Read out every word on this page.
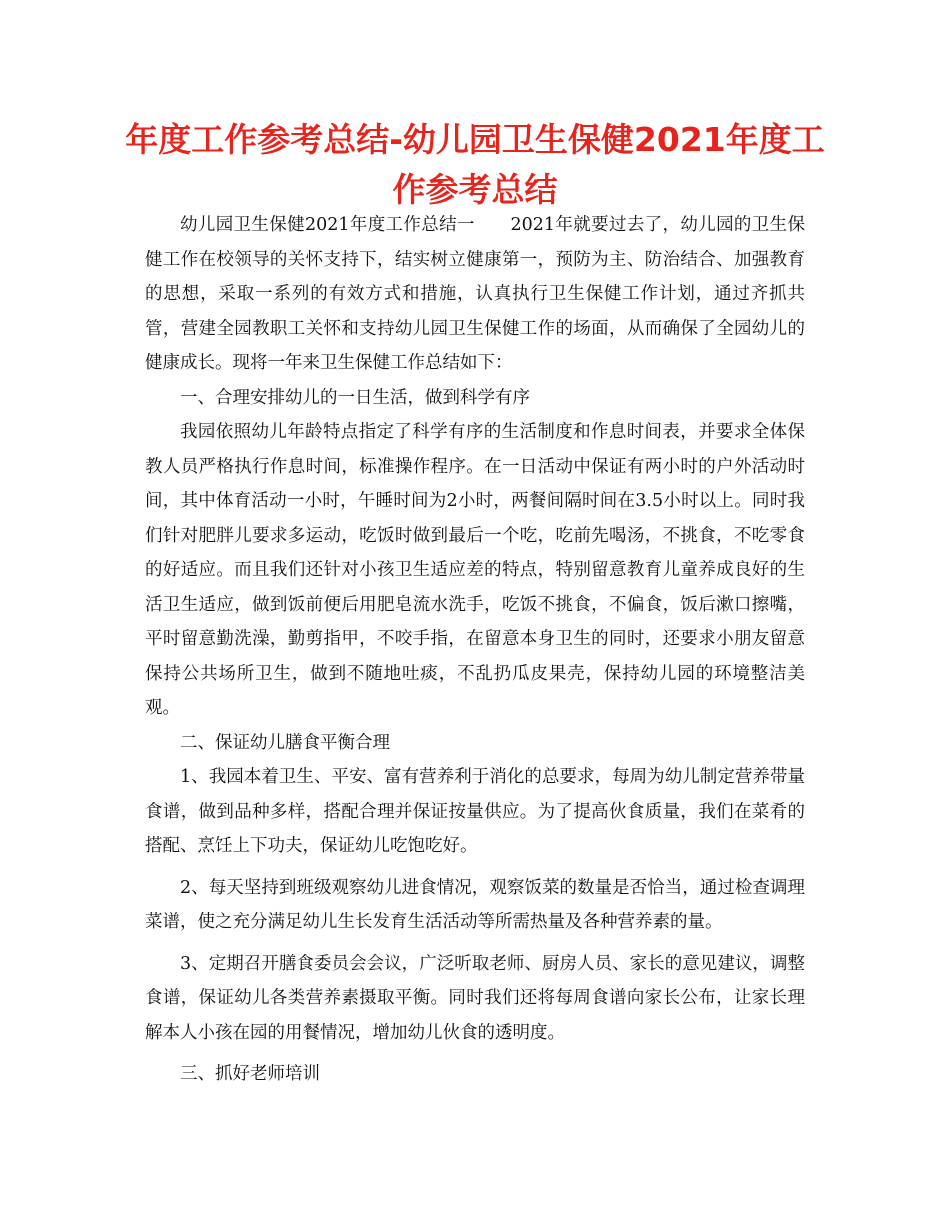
年度工作参考总结-幼儿园卫生保健2021年度工作参考总结

幼儿园卫生保健2021年度工作总结一　　2021年就要过去了，幼儿园的卫生保健工作在校领导的关怀支持下，结实树立健康第一，预防为主、防治结合、加强教育的思想，采取一系列的有效方式和措施，认真执行卫生保健工作计划，通过齐抓共管，营建全园教职工关怀和支持幼儿园卫生保健工作的场面，从而确保了全园幼儿的健康成长。现将一年来卫生保健工作总结如下：

一、合理安排幼儿的一日生活，做到科学有序

我园依照幼儿年龄特点指定了科学有序的生活制度和作息时间表，并要求全体保教人员严格执行作息时间，标准操作程序。在一日活动中保证有两小时的户外活动时间，其中体育活动一小时，午睡时间为2小时，两餐间隔时间在3.5小时以上。同时我们针对肥胖儿要求多运动，吃饭时做到最后一个吃，吃前先喝汤，不挑食，不吃零食的好适应。而且我们还针对小孩卫生适应差的特点，特别留意教育儿童养成良好的生活卫生适应，做到饭前便后用肥皂流水洗手，吃饭不挑食，不偏食，饭后漱口擦嘴，平时留意勤洗澡，勤剪指甲，不咬手指，在留意本身卫生的同时，还要求小朋友留意保持公共场所卫生，做到不随地吐痰，不乱扔瓜皮果壳，保持幼儿园的环境整洁美观。

二、保证幼儿膳食平衡合理

1、我园本着卫生、平安、富有营养利于消化的总要求，每周为幼儿制定营养带量食谱，做到品种多样，搭配合理并保证按量供应。为了提高伙食质量，我们在菜肴的搭配、烹饪上下功夫，保证幼儿吃饱吃好。

2、每天坚持到班级观察幼儿进食情况，观察饭菜的数量是否恰当，通过检查调理菜谱，使之充分满足幼儿生长发育生活活动等所需热量及各种营养素的量。

3、定期召开膳食委员会会议，广泛听取老师、厨房人员、家长的意见建议，调整食谱，保证幼儿各类营养素摄取平衡。同时我们还将每周食谱向家长公布，让家长理解本人小孩在园的用餐情况，增加幼儿伙食的透明度。

三、抓好老师培训
